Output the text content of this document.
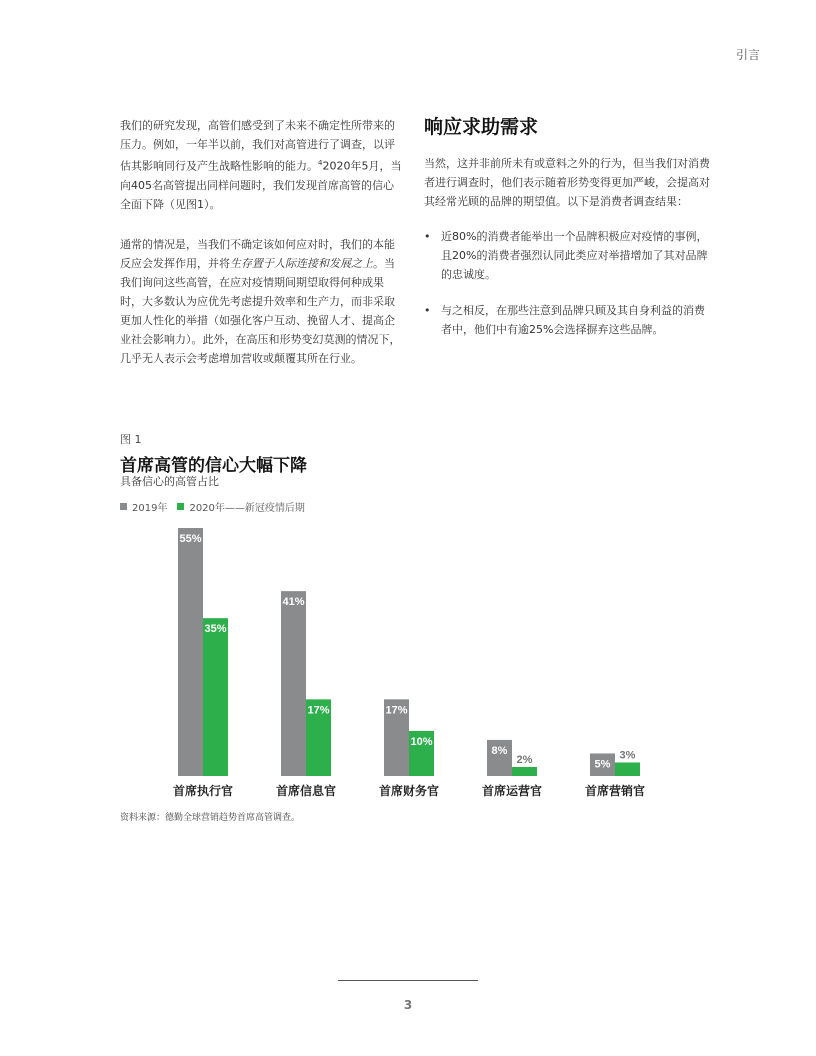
引言

我们的研究发现，高管们感受到了未来不确定性所带来的压力。例如，一年半以前，我们对高管进行了调查，以评估其影响同行及产生战略性影响的能力。$^4$2020年5月，当向405名高管提出同样问题时，我们发现首席高管的信心全面下降（见图1）。

通常的情况是，当我们不确定该如何应对时，我们的本能反应会发挥作用，并将生存置于人际连接和发展之上。当我们询问这些高管，在应对疫情期间期望取得何种成果时，大多数认为应优先考虑提升效率和生产力，而非采取更加人性化的举措（如强化客户互动、挽留人才、提高企业社会影响力）。此外，在高压和形势变幻莫测的情况下，几乎无人表示会考虑增加营收或颠覆其所在行业。

响应求助需求

当然，这并非前所未有或意料之外的行为，但当我们对消费者进行调查时，他们表示随着形势变得更加严峻，会提高对其经常光顾的品牌的期望值。以下是消费者调查结果：

• 近80%的消费者能举出一个品牌积极应对疫情的事例，且20%的消费者强烈认同此类应对举措增加了其对品牌的忠诚度。
• 与之相反，在那些注意到品牌只顾及其自身利益的消费者中，他们中有逾25%会选择摒弃这些品牌。
图 1
首席高管的信心大幅下降
具备信心的高管占比
2019年 2020年——新冠疫情后期
55%
35%
首席执行官
41%
17%
首席信息官
17%
10%
首席财务官
8%
2%
首席运营官
5%
3%
首席营销官
资料来源：德勤全球营销趋势首席高管调查。
3
